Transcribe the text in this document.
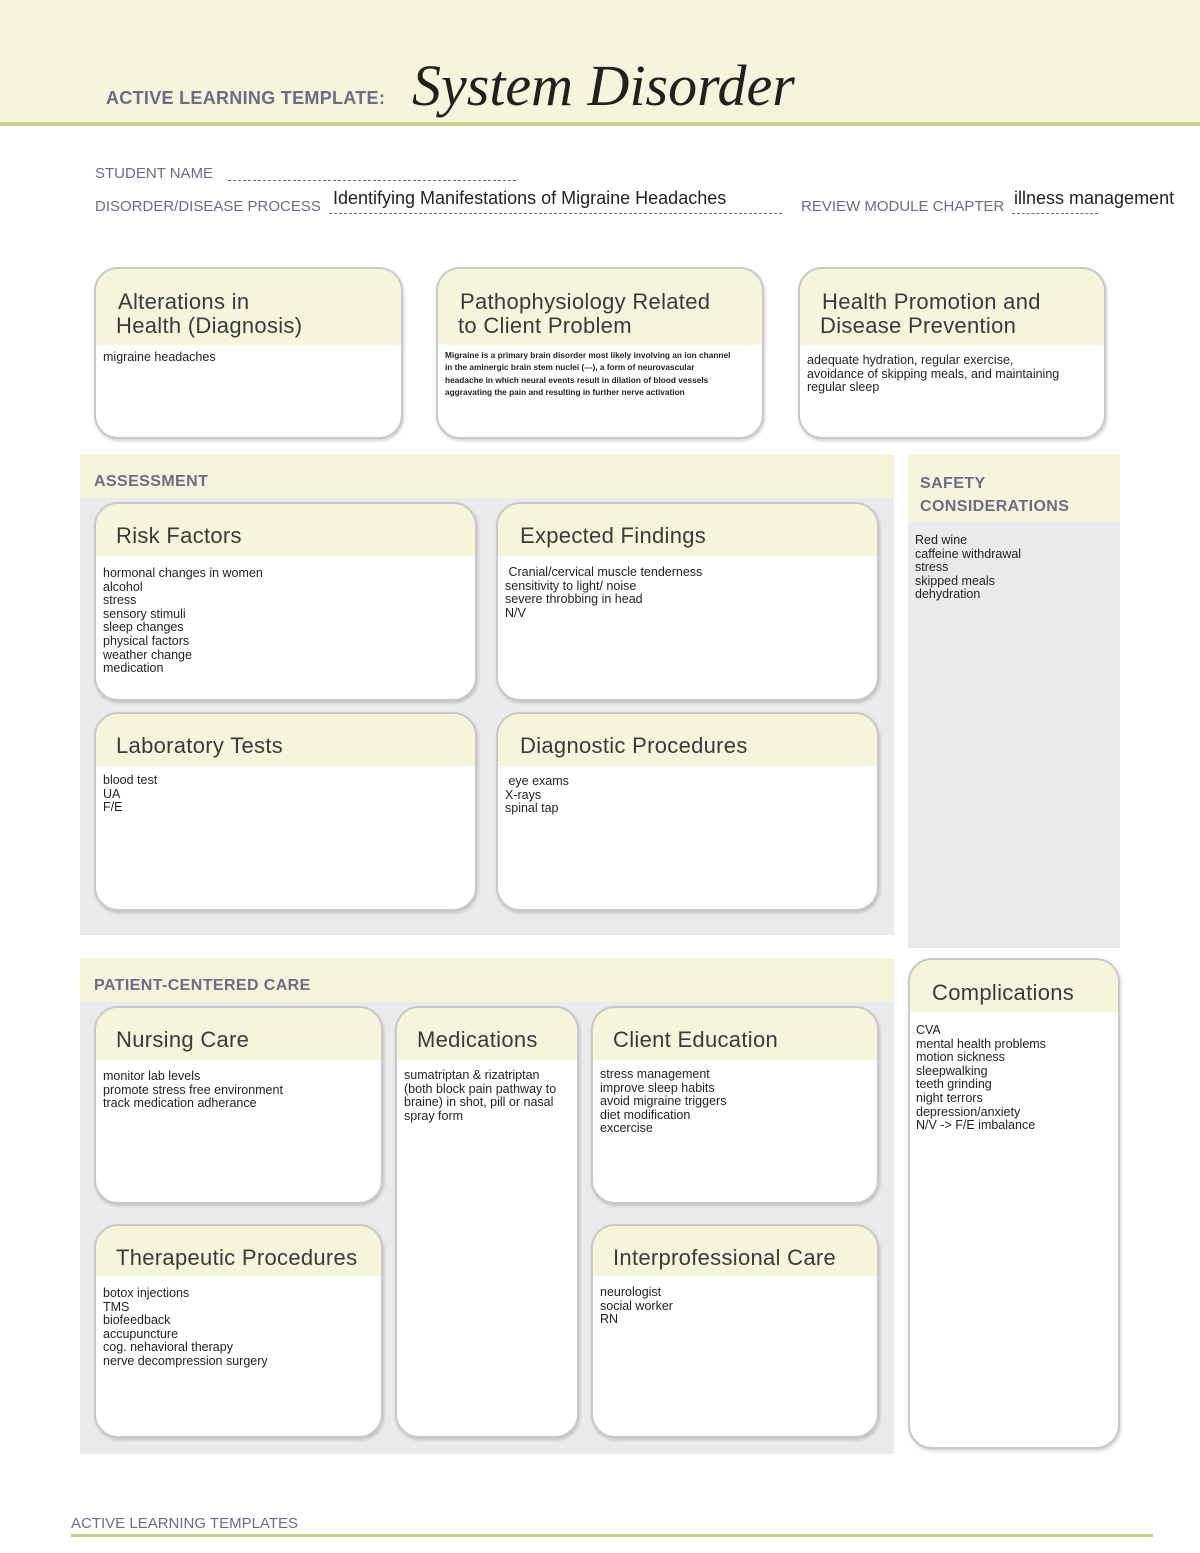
ACTIVE LEARNING TEMPLATE: System Disorder
STUDENT NAME
DISORDER/DISEASE PROCESS Identifying Manifestations of Migraine Headaches	REVIEW MODULE CHAPTER illness management
Alterations in
Health (Diagnosis)
migraine headaches
Pathophysiology Related
to Client Problem
Migraine is a primary brain disorder most likely involving an ion channel
in the aminergic brain stem nuclei (---), a form of neurovascular
headache in which neural events result in dilation of blood vessels
aggravating the pain and resulting in further nerve activation
Health Promotion and
Disease Prevention
adequate hydration, regular exercise,
avoidance of skipping meals, and maintaining
regular sleep
ASSESSMENT
Risk Factors
hormonal changes in women
alcohol
stress
sensory stimuli
sleep changes
physical factors
weather change
medication
Expected Findings
Cranial/cervical muscle tenderness
sensitivity to light/ noise
severe throbbing in head
N/V
Laboratory Tests
blood test
UA
F/E
Diagnostic Procedures
eye exams
X-rays
spinal tap
SAFETY
CONSIDERATIONS
Red wine
caffeine withdrawal
stress
skipped meals
dehydration
PATIENT-CENTERED CARE
Nursing Care
monitor lab levels
promote stress free environment
track medication adherance
Medications
sumatriptan & rizatriptan
(both block pain pathway to
braine) in shot, pill or nasal
spray form
Client Education
stress management
improve sleep habits
avoid migraine triggers
diet modification
excercise
Therapeutic Procedures
botox injections
TMS
biofeedback
accupuncture
cog. nehavioral therapy
nerve decompression surgery
Interprofessional Care
neurologist
social worker
RN
Complications
CVA
mental health problems
motion sickness
sleepwalking
teeth grinding
night terrors
depression/anxiety
N/V -> F/E imbalance
ACTIVE LEARNING TEMPLATES
